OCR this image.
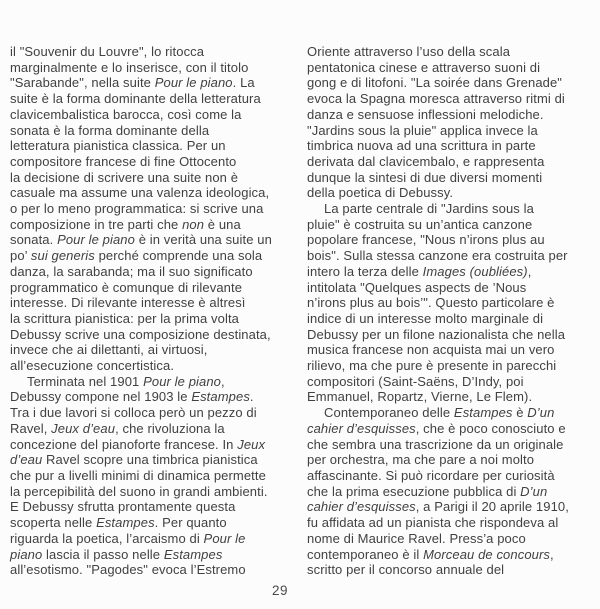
il "Souvenir du Louvre", lo ritocca
marginalmente e lo inserisce, con il titolo
"Sarabande", nella suite Pour le piano. La
suite è la forma dominante della letteratura
clavicembalistica barocca, così come la
sonata è la forma dominante della
letteratura pianistica classica. Per un
compositore francese di fine Ottocento
la decisione di scrivere una suite non è
casuale ma assume una valenza ideologica,
o per lo meno programmatica: si scrive una
composizione in tre parti che non è una
sonata. Pour le piano è in verità una suite un
po’ sui generis perché comprende una sola
danza, la sarabanda; ma il suo significato
programmatico è comunque di rilevante
interesse. Di rilevante interesse è altresì
la scrittura pianistica: per la prima volta
Debussy scrive una composizione destinata,
invece che ai dilettanti, ai virtuosi,
all’esecuzione concertistica.
Terminata nel 1901 Pour le piano,
Debussy compone nel 1903 le Estampes.
Tra i due lavori si colloca però un pezzo di
Ravel, Jeux d’eau, che rivoluziona la
concezione del pianoforte francese. In Jeux
d’eau Ravel scopre una timbrica pianistica
che pur a livelli minimi di dinamica permette
la percepibilità del suono in grandi ambienti.
E Debussy sfrutta prontamente questa
scoperta nelle Estampes. Per quanto
riguarda la poetica, l’arcaismo di Pour le
piano lascia il passo nelle Estampes
all’esotismo. "Pagodes" evoca l’Estremo
Oriente attraverso l’uso della scala
pentatonica cinese e attraverso suoni di
gong e di litofoni. "La soirée dans Grenade"
evoca la Spagna moresca attraverso ritmi di
danza e sensuose inflessioni melodiche.
"Jardins sous la pluie" applica invece la
timbrica nuova ad una scrittura in parte
derivata dal clavicembalo, e rappresenta
dunque la sintesi di due diversi momenti
della poetica di Debussy.
La parte centrale di "Jardins sous la
pluie" è costruita su un’antica canzone
popolare francese, "Nous n’irons plus au
bois". Sulla stessa canzone era costruita per
intero la terza delle Images (oubliées),
intitolata "Quelques aspects de ’Nous
n’irons plus au bois’". Questo particolare è
indice di un interesse molto marginale di
Debussy per un filone nazionalista che nella
musica francese non acquista mai un vero
rilievo, ma che pure è presente in parecchi
compositori (Saint-Saëns, D’Indy, poi
Emmanuel, Ropartz, Vierne, Le Flem).
Contemporaneo delle Estampes è D’un
cahier d’esquisses, che è poco conosciuto e
che sembra una trascrizione da un originale
per orchestra, ma che pare a noi molto
affascinante. Si può ricordare per curiosità
che la prima esecuzione pubblica di D’un
cahier d’esquisses, a Parigi il 20 aprile 1910,
fu affidata ad un pianista che rispondeva al
nome di Maurice Ravel. Press’a poco
contemporaneo è il Morceau de concours,
scritto per il concorso annuale del
29
